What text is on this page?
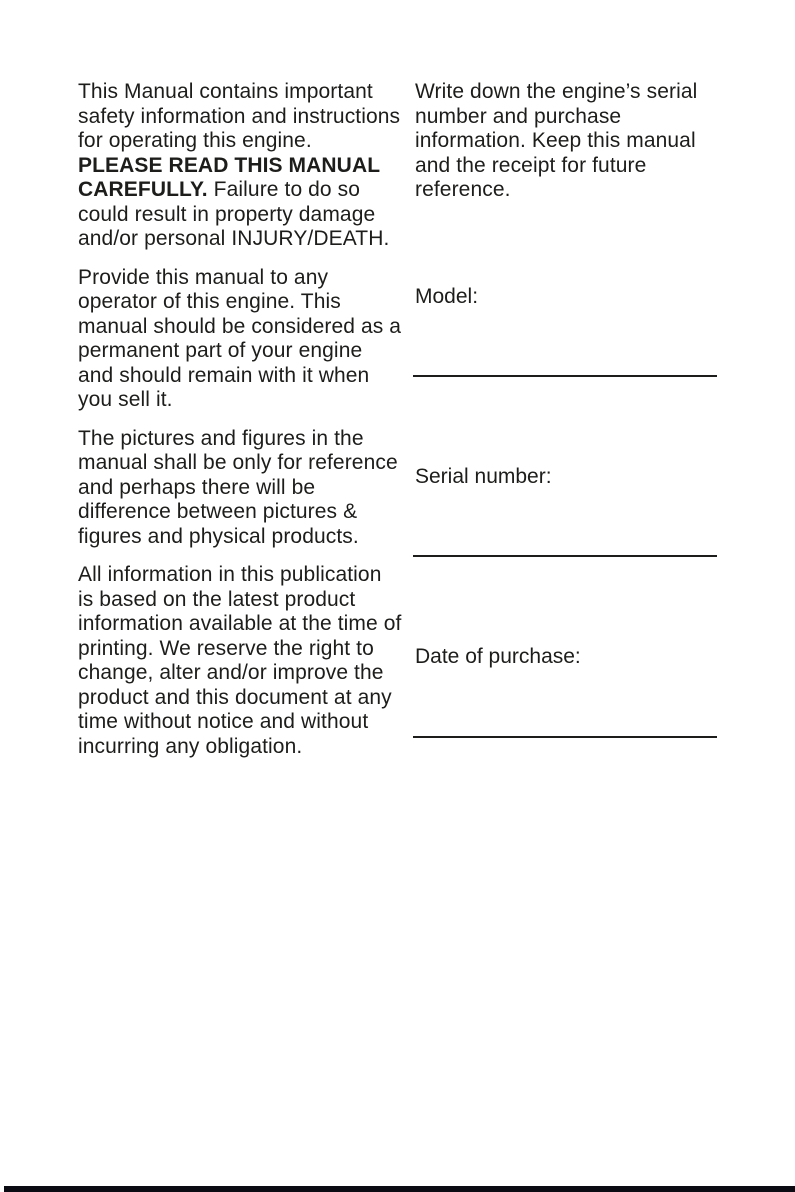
This Manual contains important safety information and instructions for operating this engine. PLEASE READ THIS MANUAL CAREFULLY. Failure to do so could result in property damage and/or personal INJURY/DEATH.

Provide this manual to any operator of this engine. This manual should be considered as a permanent part of your engine and should remain with it when you sell it.

The pictures and figures in the manual shall be only for reference and perhaps there will be difference between pictures & figures and physical products.

All information in this publication is based on the latest product information available at the time of printing. We reserve the right to change, alter and/or improve the product and this document at any time without notice and without incurring any obligation.

Write down the engine’s serial number and purchase information. Keep this manual and the receipt for future reference.

Model:
Serial number:
Date of purchase:
